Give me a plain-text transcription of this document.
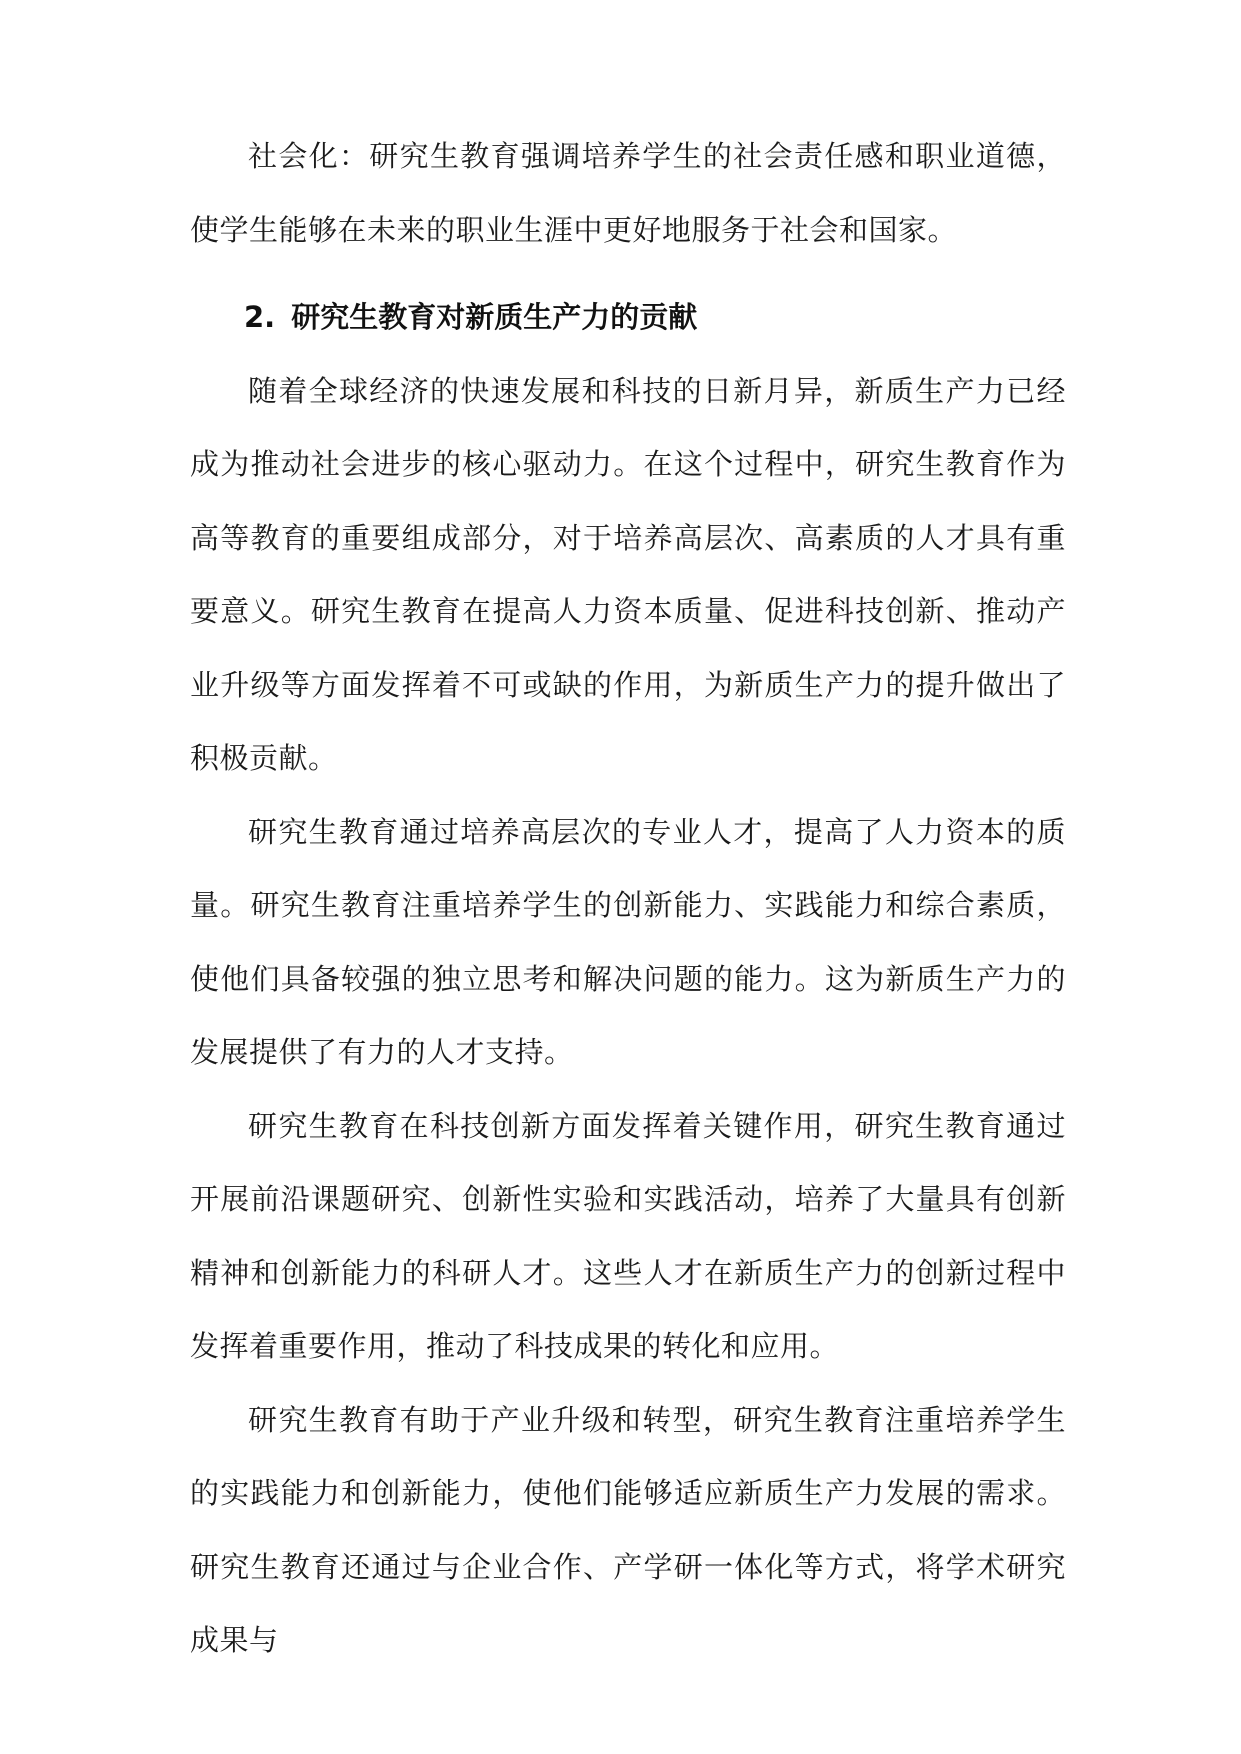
社会化：研究生教育强调培养学生的社会责任感和职业道德，使学生能够在未来的职业生涯中更好地服务于社会和国家。

2. 研究生教育对新质生产力的贡献

随着全球经济的快速发展和科技的日新月异，新质生产力已经成为推动社会进步的核心驱动力。在这个过程中，研究生教育作为高等教育的重要组成部分，对于培养高层次、高素质的人才具有重要意义。研究生教育在提高人力资本质量、促进科技创新、推动产业升级等方面发挥着不可或缺的作用，为新质生产力的提升做出了积极贡献。

研究生教育通过培养高层次的专业人才，提高了人力资本的质量。研究生教育注重培养学生的创新能力、实践能力和综合素质，使他们具备较强的独立思考和解决问题的能力。这为新质生产力的发展提供了有力的人才支持。

研究生教育在科技创新方面发挥着关键作用，研究生教育通过开展前沿课题研究、创新性实验和实践活动，培养了大量具有创新精神和创新能力的科研人才。这些人才在新质生产力的创新过程中发挥着重要作用，推动了科技成果的转化和应用。

研究生教育有助于产业升级和转型，研究生教育注重培养学生的实践能力和创新能力，使他们能够适应新质生产力发展的需求。研究生教育还通过与企业合作、产学研一体化等方式，将学术研究成果与
